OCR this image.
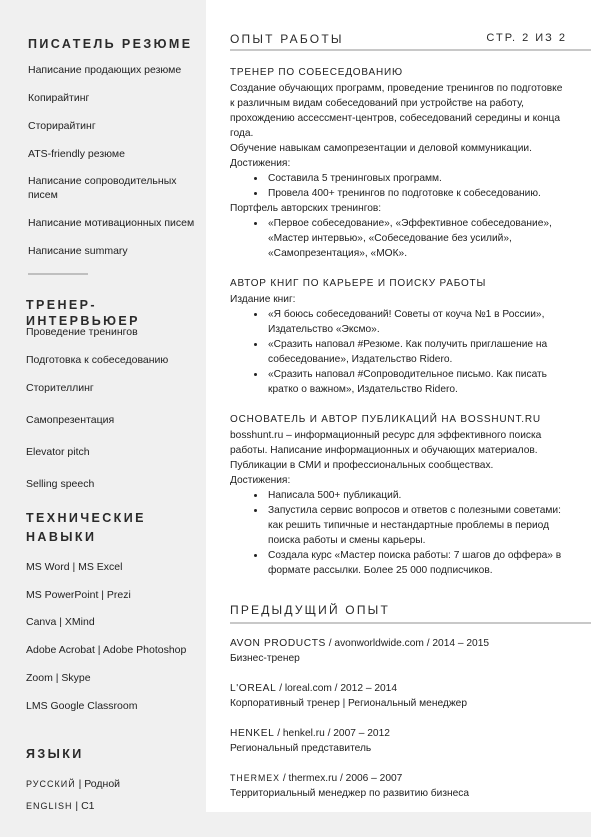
ПИСАТЕЛЬ РЕЗЮМЕ
Написание продающих резюме
Копирайтинг
Сторирайтинг
ATS-friendly резюме
Написание сопроводительных писем
Написание мотивационных писем
Написание summary
ТРЕНЕР-ИНТЕРВЬЮЕР
Проведение тренингов
Подготовка к собеседованию
Сторителлинг
Самопрезентация
Elevator pitch
Selling speech
ТЕХНИЧЕСКИЕ
НАВЫКИ
MS Word | MS Excel
MS PowerPoint | Prezi
Canva | XMind
Adobe Acrobat | Adobe Photoshop
Zoom | Skype
LMS Google Classroom
ЯЗЫКИ
РУССКИЙ | Родной
ENGLISH | C1
ОПЫТ РАБОТЫ	СТР. 2 ИЗ 2
ТРЕНЕР ПО СОБЕСЕДОВАНИЮ

Создание обучающих программ, проведение тренингов по подготовке к различным видам собеседований при устройстве на работу, прохождению ассессмент-центров, собеседований середины и конца года.

Обучение навыкам самопрезентации и деловой коммуникации.

Достижения:

• Составила 5 тренинговых программ.
• Провела 400+ тренингов по подготовке к собеседованию.

Портфель авторских тренингов:

• «Первое собеседование», «Эффективное собеседование», «Мастер интервью», «Собеседование без усилий», «Самопрезентация», «МОК».
АВТОР КНИГ ПО КАРЬЕРЕ И ПОИСКУ РАБОТЫ

Издание книг:

• «Я боюсь собеседований! Советы от коуча №1 в России», Издательство «Эксмо».
• «Сразить наповал #Резюме. Как получить приглашение на собеседование», Издательство Ridero.
• «Сразить наповал #Сопроводительное письмо. Как писать кратко о важном», Издательство Ridero.
ОСНОВАТЕЛЬ И АВТОР ПУБЛИКАЦИЙ НА BOSSHUNT.RU

bosshunt.ru – информационный ресурс для эффективного поиска работы. Написание информационных и обучающих материалов. Публикации в СМИ и профессиональных сообществах.

Достижения:

• Написала 500+ публикаций.
• Запустила сервис вопросов и ответов с полезными советами: как решить типичные и нестандартные проблемы в период поиска работы и смены карьеры.
• Создала курс «Мастер поиска работы: 7 шагов до оффера» в формате рассылки. Более 25 000 подписчиков.
ПРЕДЫДУЩИЙ ОПЫТ
AVON PRODUCTS / avonworldwide.com / 2014 – 2015
Бизнес-тренер
L'OREAL / loreal.com / 2012 – 2014
Корпоративный тренер | Региональный менеджер
HENKEL / henkel.ru / 2007 – 2012
Региональный представитель
THERMEX / thermex.ru / 2006 – 2007
Территориальный менеджер по развитию бизнеса
